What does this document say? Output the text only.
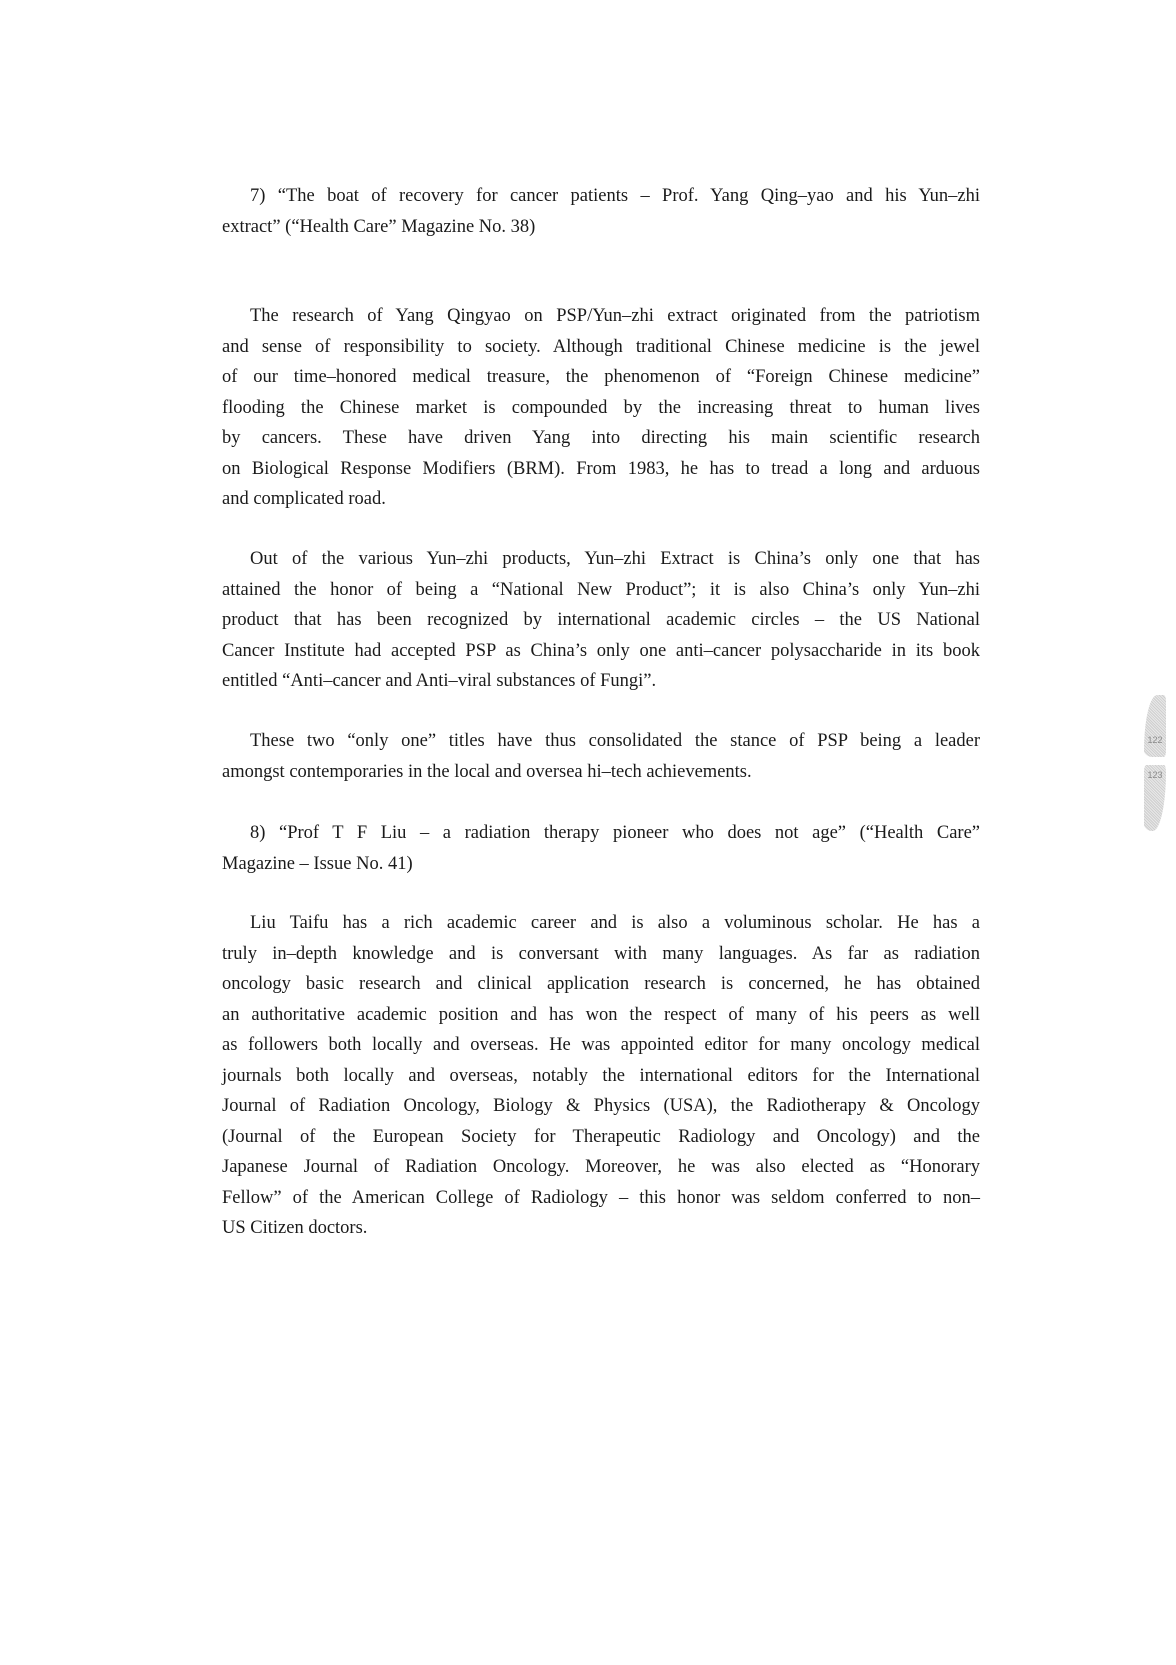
7) “The boat of recovery for cancer patients – Prof. Yang Qing–yao and his Yun–zhi
extract” (“Health Care” Magazine No. 38)
The research of Yang Qingyao on PSP/Yun–zhi extract originated from the patriotism
and sense of responsibility to society. Although traditional Chinese medicine is the jewel
of our time–honored medical treasure, the phenomenon of “Foreign Chinese medicine”
flooding the Chinese market is compounded by the increasing threat to human lives
by cancers. These have driven Yang into directing his main scientific research
on Biological Response Modifiers (BRM). From 1983, he has to tread a long and arduous
and complicated road.
Out of the various Yun–zhi products, Yun–zhi Extract is China’s only one that has
attained the honor of being a “National New Product”; it is also China’s only Yun–zhi
product that has been recognized by international academic circles – the US National
Cancer Institute had accepted PSP as China’s only one anti–cancer polysaccharide in its book
entitled “Anti–cancer and Anti–viral substances of Fungi”.
These two “only one” titles have thus consolidated the stance of PSP being a leader
amongst contemporaries in the local and oversea hi–tech achievements.
8) “Prof T F Liu – a radiation therapy pioneer who does not age” (“Health Care”
Magazine – Issue No. 41)
Liu Taifu has a rich academic career and is also a voluminous scholar. He has a
truly in–depth knowledge and is conversant with many languages. As far as radiation
oncology basic research and clinical application research is concerned, he has obtained
an authoritative academic position and has won the respect of many of his peers as well
as followers both locally and overseas. He was appointed editor for many oncology medical
journals both locally and overseas, notably the international editors for the International
Journal of Radiation Oncology, Biology & Physics (USA), the Radiotherapy & Oncology
(Journal of the European Society for Therapeutic Radiology and Oncology) and the
Japanese Journal of Radiation Oncology. Moreover, he was also elected as “Honorary
Fellow” of the American College of Radiology – this honor was seldom conferred to non–
US Citizen doctors.
122
123
